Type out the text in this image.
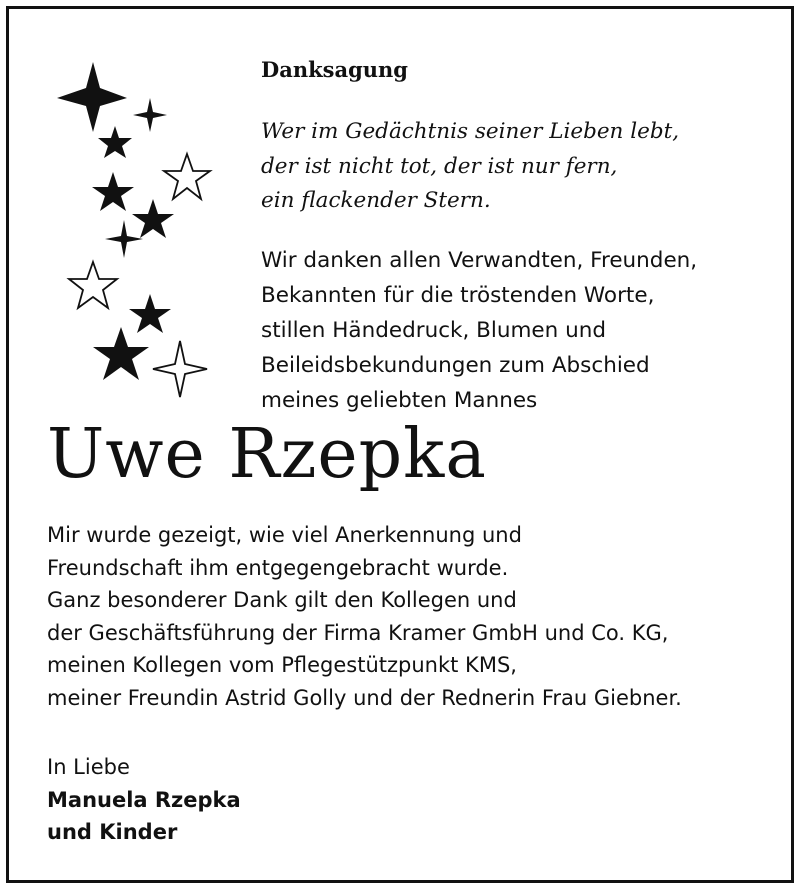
Danksagung

Wer im Gedächtnis seiner Lieben lebt,
der ist nicht tot, der ist nur fern,
ein flackender Stern.

Wir danken allen Verwandten, Freunden,
Bekannten für die tröstenden Worte,
stillen Händedruck, Blumen und
Beileidsbekundungen zum Abschied
meines geliebten Mannes

Uwe Rzepka

Mir wurde gezeigt, wie viel Anerkennung und
Freundschaft ihm entgegengebracht wurde.
Ganz besonderer Dank gilt den Kollegen und
der Geschäftsführung der Firma Kramer GmbH und Co. KG,
meinen Kollegen vom Pflegestützpunkt KMS,
meiner Freundin Astrid Golly und der Rednerin Frau Giebner.

In Liebe
Manuela Rzepka
und Kinder
